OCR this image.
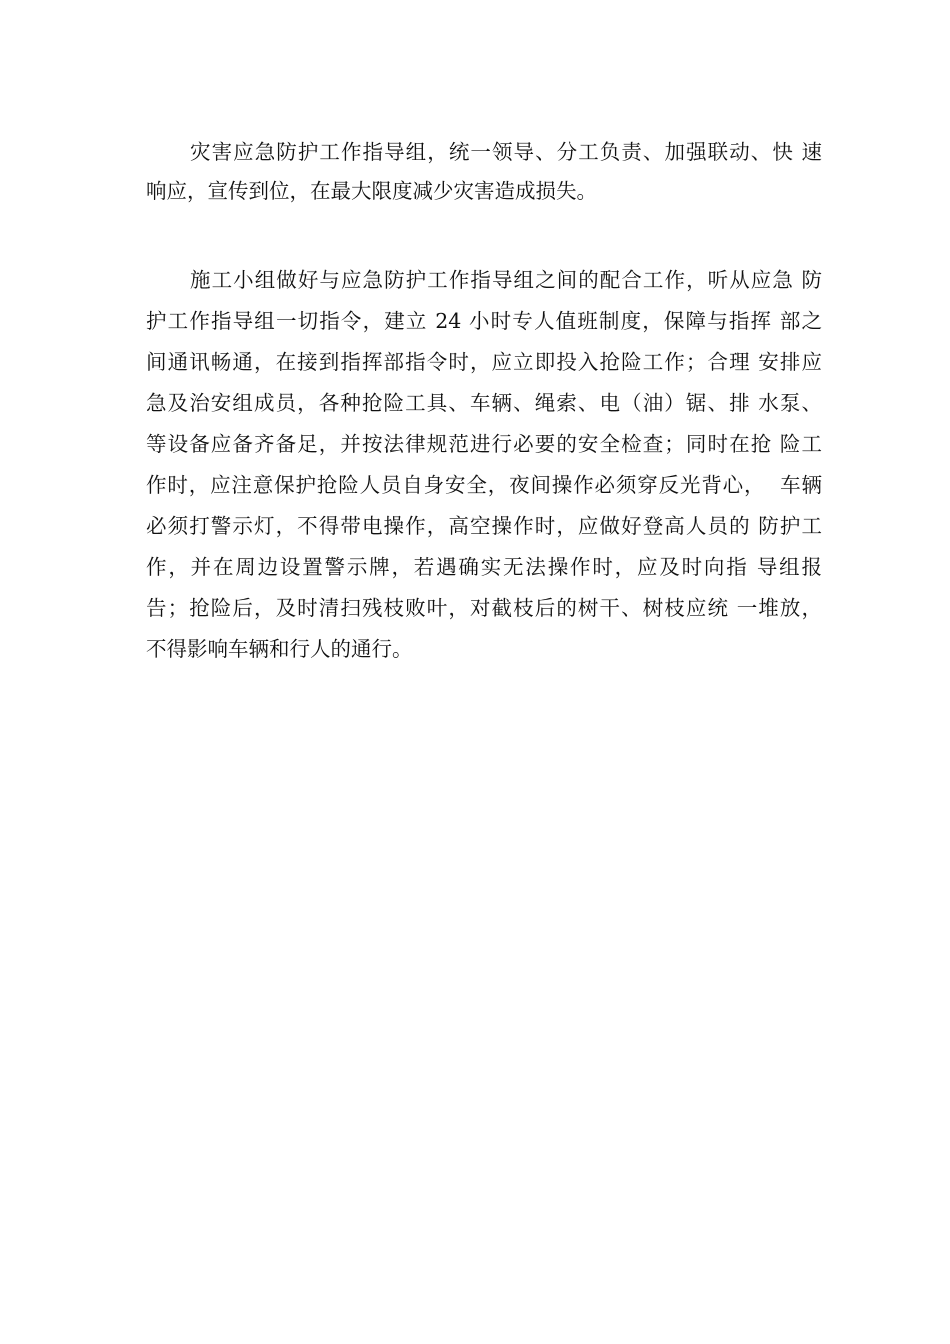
灾害应急防护工作指导组，统一领导、分工负责、加强联动、快 速
响应，宣传到位，在最大限度减少灾害造成损失。
施工小组做好与应急防护工作指导组之间的配合工作，听从应急 防
护工作指导组一切指令，建立 24 小时专人值班制度，保障与指挥 部之
间通讯畅通，在接到指挥部指令时，应立即投入抢险工作；合理 安排应
急及治安组成员，各种抢险工具、车辆、绳索、电（油）锯、排 水泵、
等设备应备齐备足，并按法律规范进行必要的安全检查；同时在抢 险工
作时，应注意保护抢险人员自身安全，夜间操作必须穿反光背心，  车辆
必须打警示灯，不得带电操作，高空操作时，应做好登高人员的 防护工
作，并在周边设置警示牌，若遇确实无法操作时，应及时向指 导组报
告；抢险后，及时清扫残枝败叶，对截枝后的树干、树枝应统 一堆放，
不得影响车辆和行人的通行。
